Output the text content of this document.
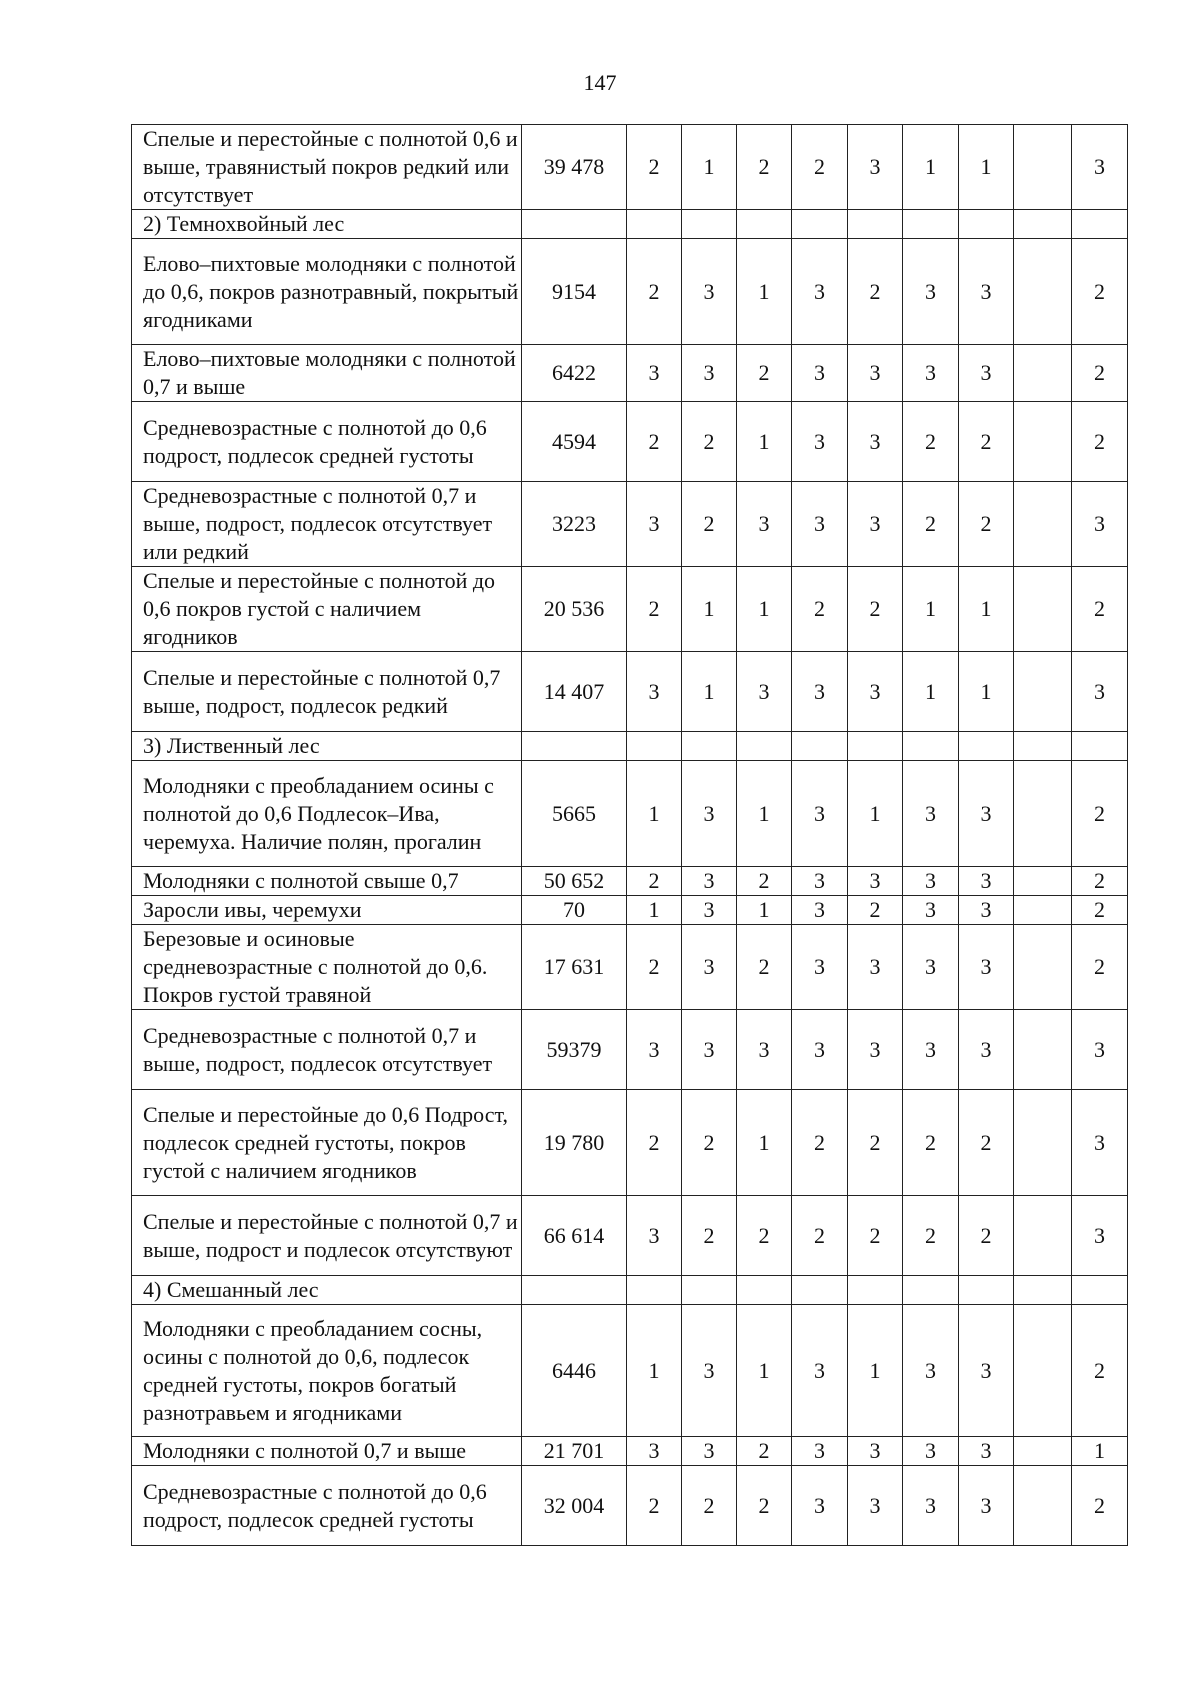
147
Спелые и перестойные с полнотой 0,6 и выше, травянистый покров редкий или отсутствует	39 478	2	1	2	2	3	1	1		3
2) Темнохвойный лес										
Елово–пихтовые молодняки с полнотой до 0,6, покров разнотравный, покрытый ягодниками	9154	2	3	1	3	2	3	3		2
Елово–пихтовые молодняки с полнотой 0,7 и выше	6422	3	3	2	3	3	3	3		2
Средневозрастные с полнотой до 0,6 подрост, подлесок средней густоты	4594	2	2	1	3	3	2	2		2
Средневозрастные с полнотой 0,7 и выше, подрост, подлесок отсутствует или редкий	3223	3	2	3	3	3	2	2		3
Спелые и перестойные с полнотой до 0,6 покров густой с наличием ягодников	20 536	2	1	1	2	2	1	1		2
Спелые и перестойные с полнотой 0,7 выше, подрост, подлесок редкий	14 407	3	1	3	3	3	1	1		3
3) Лиственный лес										
Молодняки с преобладанием осины с полнотой до 0,6 Подлесок–Ива, черемуха. Наличие полян, прогалин	5665	1	3	1	3	1	3	3		2
Молодняки с полнотой свыше 0,7	50 652	2	3	2	3	3	3	3		2
Заросли ивы, черемухи	70	1	3	1	3	2	3	3		2
Березовые и осиновые средневозрастные с полнотой до 0,6. Покров густой травяной	17 631	2	3	2	3	3	3	3		2
Средневозрастные с полнотой 0,7 и выше, подрост, подлесок отсутствует	59379	3	3	3	3	3	3	3		3
Спелые и перестойные до 0,6 Подрост, подлесок средней густоты, покров густой с наличием ягодников	19 780	2	2	1	2	2	2	2		3
Спелые и перестойные с полнотой 0,7 и выше, подрост и подлесок отсутствуют	66 614	3	2	2	2	2	2	2		3
4) Смешанный лес										
Молодняки с преобладанием сосны, осины с полнотой до 0,6, подлесок средней густоты, покров богатый разнотравьем и ягодниками	6446	1	3	1	3	1	3	3		2
Молодняки с полнотой 0,7 и выше	21 701	3	3	2	3	3	3	3		1
Средневозрастные с полнотой до 0,6 подрост, подлесок средней густоты	32 004	2	2	2	3	3	3	3		2
